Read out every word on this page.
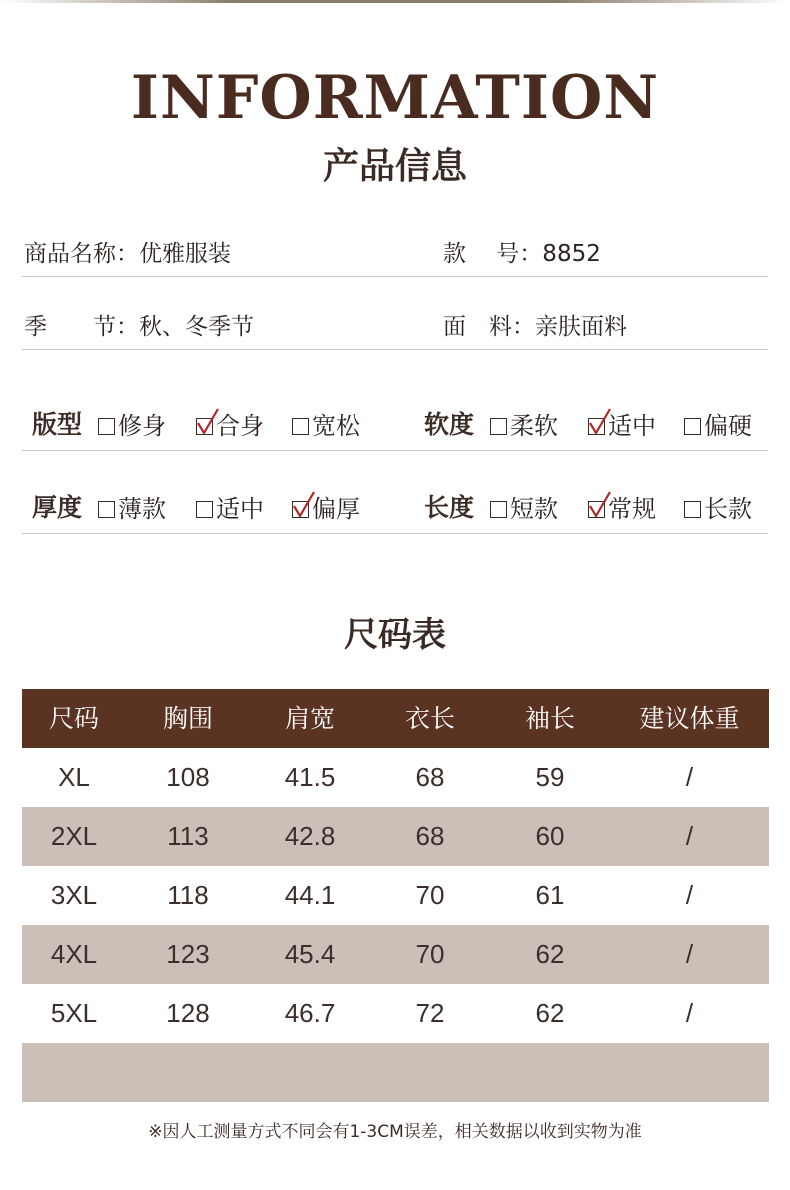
INFORMATION
产品信息
商品名称：优雅服装	款　 号：8852
季　　节：秋、冬季节	面　料：亲肤面料
版型	修身	合身	宽松	软度	柔软	适中	偏硬
厚度	薄款	适中	偏厚	长度	短款	常规	长款
尺码表
尺码	胸围	肩宽	衣长	袖长	建议体重
XL	108	41.5	68	59	/
2XL	113	42.8	68	60	/
3XL	118	44.1	70	61	/
4XL	123	45.4	70	62	/
5XL	128	46.7	72	62	/
※因人工测量方式不同会有1-3CM误差，相关数据以收到实物为准
